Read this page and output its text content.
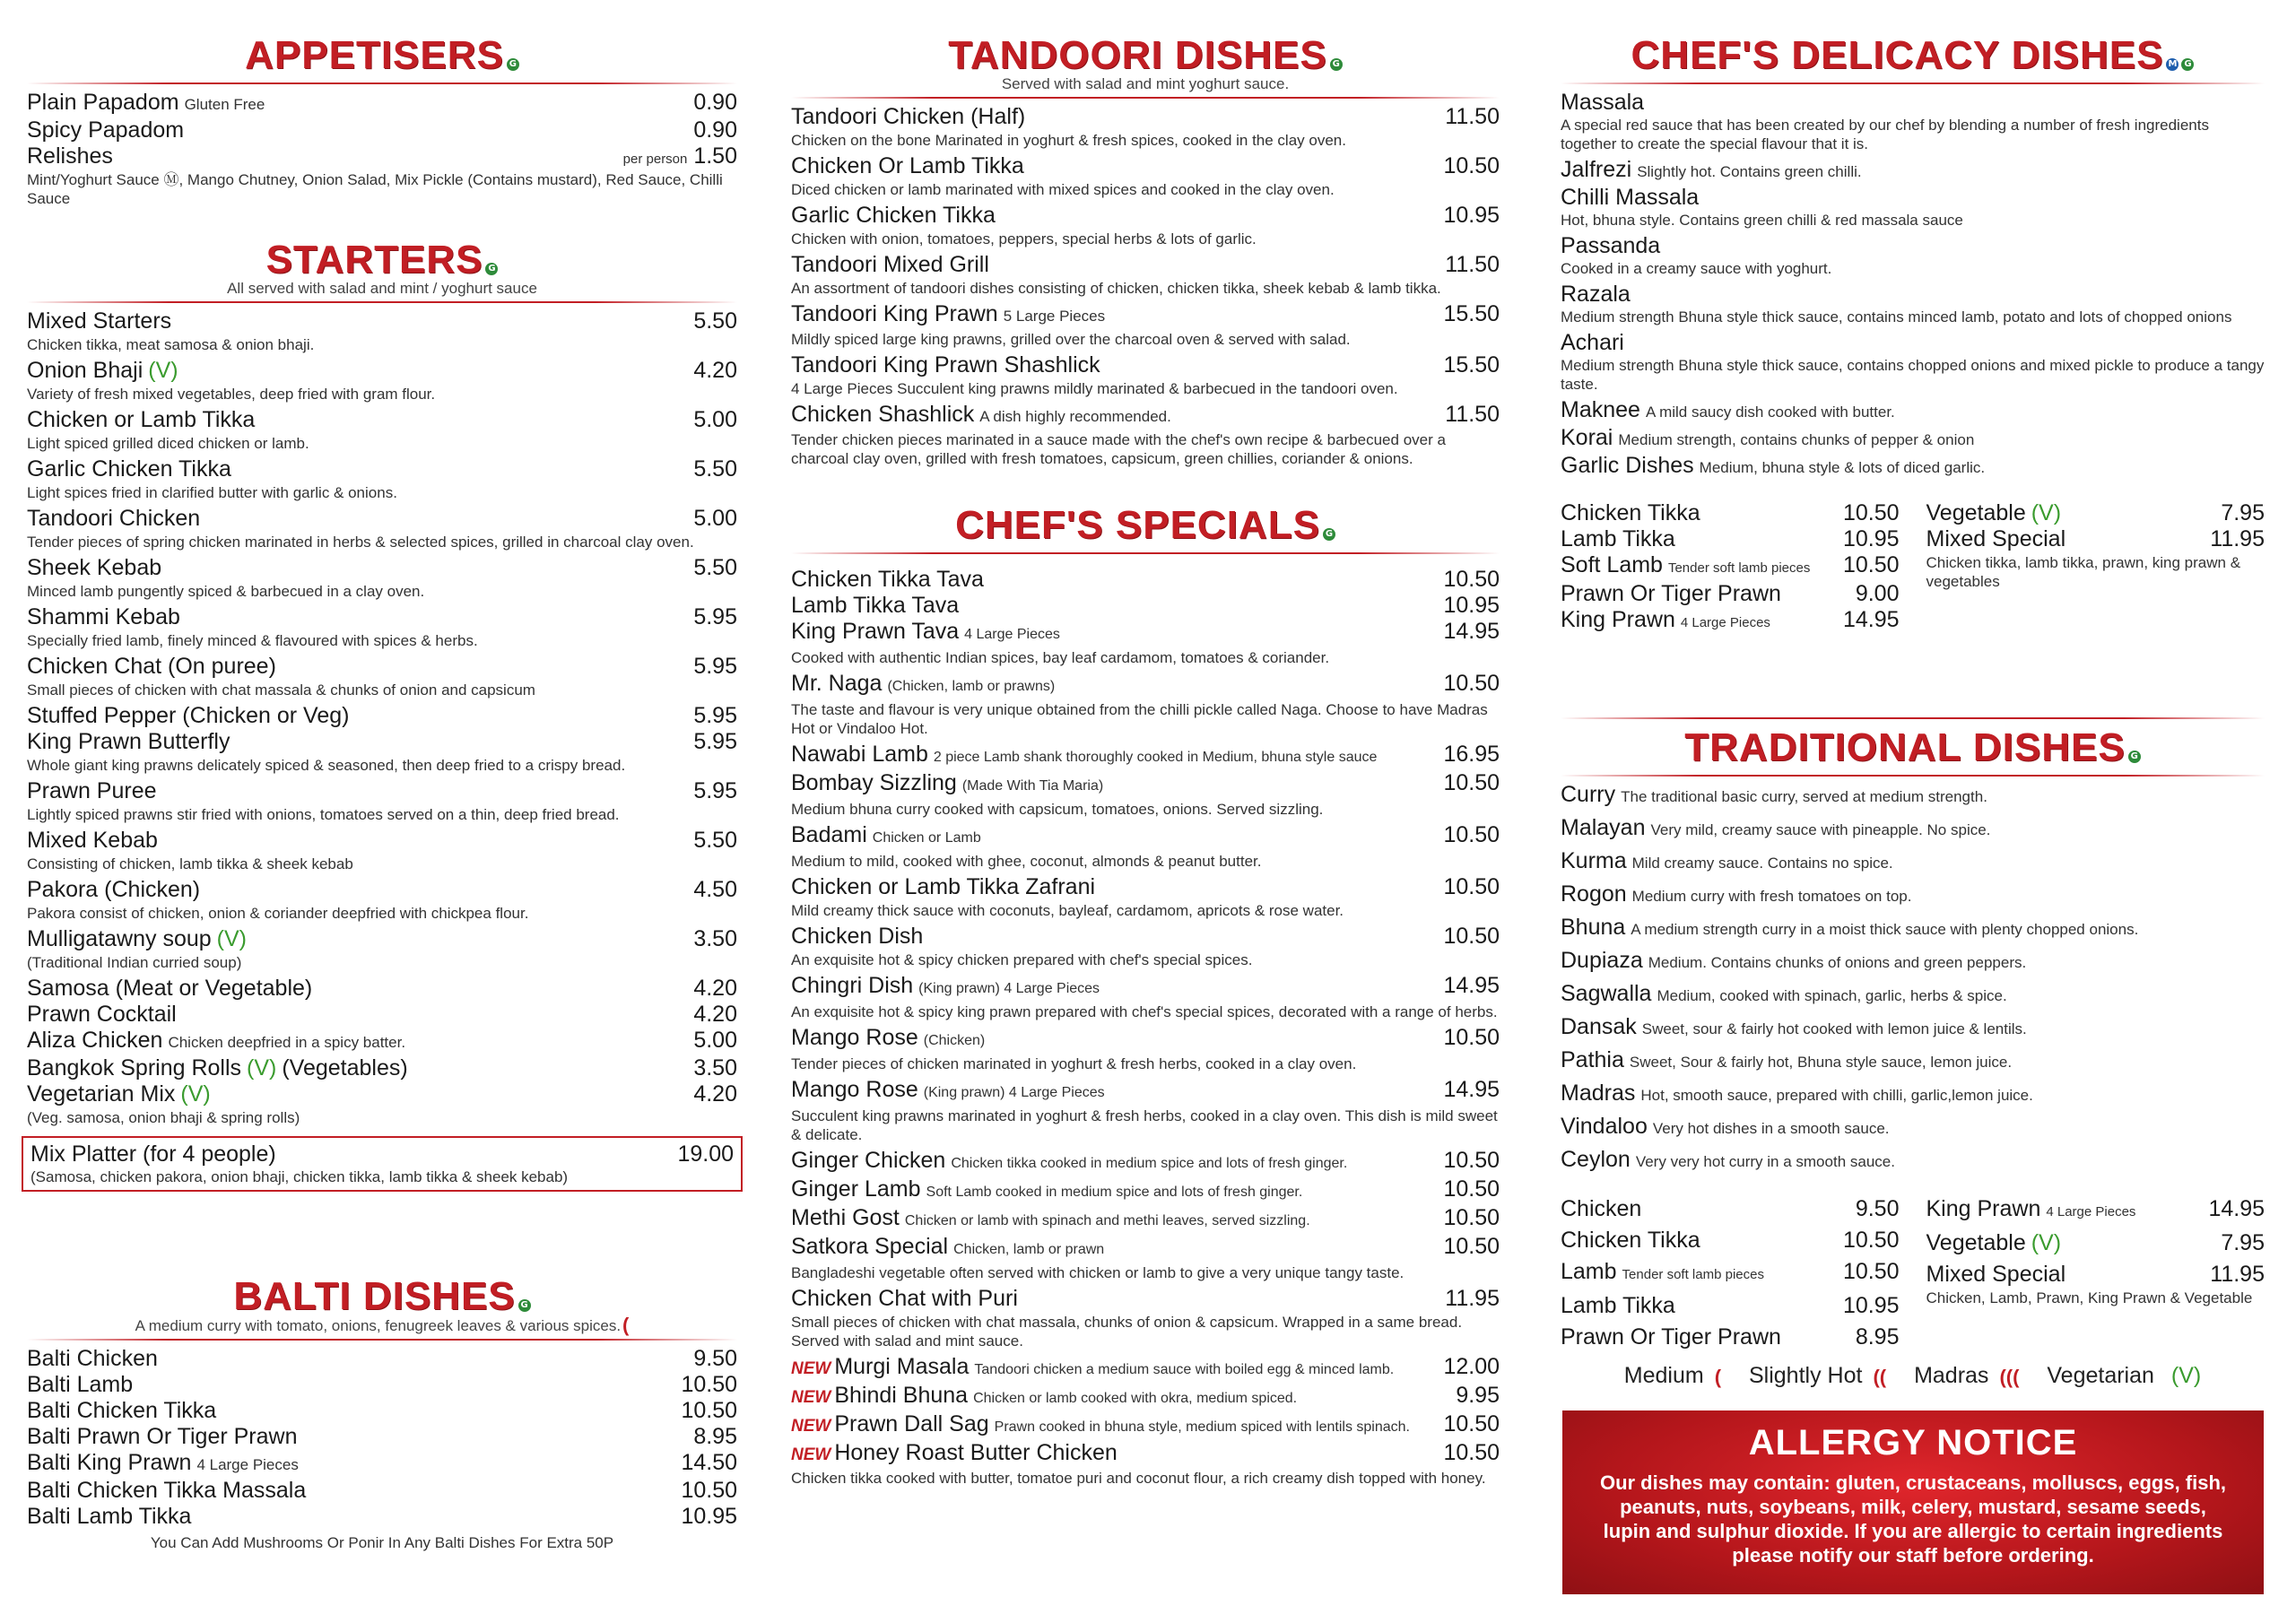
APPETISERS G
Plain Papadom Gluten Free	0.90
Spicy Papadom	0.90
Relishes	per person 1.50
Mint/Yoghurt Sauce Ⓜ, Mango Chutney, Onion Salad, Mix Pickle (Contains mustard), Red Sauce, Chilli Sauce
STARTERS G
All served with salad and mint / yoghurt sauce
Mixed Starters	5.50
Chicken tikka, meat samosa & onion bhaji.
Onion Bhaji (V)	4.20
Variety of fresh mixed vegetables, deep fried with gram flour.
Chicken or Lamb Tikka	5.00
Light spiced grilled diced chicken or lamb.
Garlic Chicken Tikka	5.50
Light spices fried in clarified butter with garlic & onions.
Tandoori Chicken	5.00
Tender pieces of spring chicken marinated in herbs & selected spices, grilled in charcoal clay oven.
Sheek Kebab	5.50
Minced lamb pungently spiced & barbecued in a clay oven.
Shammi Kebab	5.95
Specially fried lamb, finely minced & flavoured with spices & herbs.
Chicken Chat (On puree)	5.95
Small pieces of chicken with chat massala & chunks of onion and capsicum
Stuffed Pepper (Chicken or Veg)	5.95
King Prawn Butterfly	5.95
Whole giant king prawns delicately spiced & seasoned, then deep fried to a crispy bread.
Prawn Puree	5.95
Lightly spiced prawns stir fried with onions, tomatoes served on a thin, deep fried bread.
Mixed Kebab	5.50
Consisting of chicken, lamb tikka & sheek kebab
Pakora (Chicken)	4.50
Pakora consist of chicken, onion & coriander deepfried with chickpea flour.
Mulligatawny soup (V)	3.50
(Traditional Indian curried soup)
Samosa (Meat or Vegetable)	4.20
Prawn Cocktail	4.20
Aliza Chicken Chicken deepfried in a spicy batter.	5.00
Bangkok Spring Rolls (V) (Vegetables)	3.50
Vegetarian Mix (V)	4.20
(Veg. samosa, onion bhaji & spring rolls)
Mix Platter (for 4 people)	19.00
(Samosa, chicken pakora, onion bhaji, chicken tikka, lamb tikka & sheek kebab)
BALTI DISHES G
A medium curry with tomato, onions, fenugreek leaves & various spices.(
Balti Chicken	9.50
Balti Lamb	10.50
Balti Chicken Tikka	10.50
Balti Prawn Or Tiger Prawn	8.95
Balti King Prawn 4 Large Pieces	14.50
Balti Chicken Tikka Massala	10.50
Balti Lamb Tikka	10.95
You Can Add Mushrooms Or Ponir In Any Balti Dishes For Extra 50P
TANDOORI DISHES G
Served with salad and mint yoghurt sauce.
Tandoori Chicken (Half)	11.50
Chicken on the bone Marinated in yoghurt & fresh spices, cooked in the clay oven.
Chicken Or Lamb Tikka	10.50
Diced chicken or lamb marinated with mixed spices and cooked in the clay oven.
Garlic Chicken Tikka	10.95
Chicken with onion, tomatoes, peppers, special herbs & lots of garlic.
Tandoori Mixed Grill	11.50
An assortment of tandoori dishes consisting of chicken, chicken tikka, sheek kebab & lamb tikka.
Tandoori King Prawn 5 Large Pieces	15.50
Mildly spiced large king prawns, grilled over the charcoal oven & served with salad.
Tandoori King Prawn Shashlick	15.50
4 Large Pieces Succulent king prawns mildly marinated & barbecued in the tandoori oven.
Chicken Shashlick A dish highly recommended.	11.50
Tender chicken pieces marinated in a sauce made with the chef's own recipe & barbecued over a charcoal clay oven, grilled with fresh tomatoes, capsicum, green chillies, coriander & onions.
CHEF'S SPECIALS G
Chicken Tikka Tava	10.50
Lamb Tikka Tava	10.95
King Prawn Tava 4 Large Pieces	14.95
Cooked with authentic Indian spices, bay leaf cardamom, tomatoes & coriander.
Mr. Naga (Chicken, lamb or prawns)	10.50
The taste and flavour is very unique obtained from the chilli pickle called Naga. Choose to have Madras Hot or Vindaloo Hot.
Nawabi Lamb 2 piece Lamb shank thoroughly cooked in Medium, bhuna style sauce	16.95
Bombay Sizzling (Made With Tia Maria)	10.50
Medium bhuna curry cooked with capsicum, tomatoes, onions. Served sizzling.
Badami Chicken or Lamb	10.50
Medium to mild, cooked with ghee, coconut, almonds & peanut butter.
Chicken or Lamb Tikka Zafrani	10.50
Mild creamy thick sauce with coconuts, bayleaf, cardamom, apricots & rose water.
Chicken Dish	10.50
An exquisite hot & spicy chicken prepared with chef's special spices.
Chingri Dish (King prawn) 4 Large Pieces	14.95
An exquisite hot & spicy king prawn prepared with chef's special spices, decorated with a range of herbs.
Mango Rose (Chicken)	10.50
Tender pieces of chicken marinated in yoghurt & fresh herbs, cooked in a clay oven.
Mango Rose (King prawn) 4 Large Pieces	14.95
Succulent king prawns marinated in yoghurt & fresh herbs, cooked in a clay oven. This dish is mild sweet & delicate.
Ginger Chicken Chicken tikka cooked in medium spice and lots of fresh ginger.	10.50
Ginger Lamb Soft Lamb cooked in medium spice and lots of fresh ginger.	10.50
Methi Gost Chicken or lamb with spinach and methi leaves, served sizzling.	10.50
Satkora Special Chicken, lamb or prawn	10.50
Bangladeshi vegetable often served with chicken or lamb to give a very unique tangy taste.
Chicken Chat with Puri	11.95
Small pieces of chicken with chat massala, chunks of onion & capsicum. Wrapped in a same bread. Served with salad and mint sauce.
NEW Murgi Masala Tandoori chicken a medium sauce with boiled egg & minced lamb. 12.00
NEW Bhindi Bhuna Chicken or lamb cooked with okra, medium spiced.	9.95
NEW Prawn Dall Sag Prawn cooked in bhuna style, medium spiced with lentils spinach. 10.50
NEW Honey Roast Butter Chicken	10.50
Chicken tikka cooked with butter, tomatoe puri and coconut flour, a rich creamy dish topped with honey.
CHEF'S DELICACY DISHES M G
Massala
A special red sauce that has been created by our chef by blending a number of fresh ingredients together to create the special flavour that it is.
Jalfrezi Slightly hot. Contains green chilli.
Chilli Massala
Hot, bhuna style. Contains green chilli & red massala sauce
Passanda
Cooked in a creamy sauce with yoghurt.
Razala
Medium strength Bhuna style thick sauce, contains minced lamb, potato and lots of chopped onions
Achari
Medium strength Bhuna style thick sauce, contains chopped onions and mixed pickle to produce a tangy taste.
Maknee A mild saucy dish cooked with butter.
Korai Medium strength, contains chunks of pepper & onion
Garlic Dishes Medium, bhuna style & lots of diced garlic.
Chicken Tikka	10.50
Lamb Tikka	10.95
Soft Lamb Tender soft lamb pieces 10.50
Prawn Or Tiger Prawn	9.00
King Prawn 4 Large Pieces	14.95
Vegetable (V)	7.95
Mixed Special	11.95
Chicken tikka, lamb tikka, prawn, king prawn & vegetables
TRADITIONAL DISHES G
Curry The traditional basic curry, served at medium strength.
Malayan Very mild, creamy sauce with pineapple. No spice.
Kurma Mild creamy sauce. Contains no spice.
Rogon Medium curry with fresh tomatoes on top.
Bhuna A medium strength curry in a moist thick sauce with plenty chopped onions.
Dupiaza Medium. Contains chunks of onions and green peppers.
Sagwalla Medium, cooked with spinach, garlic, herbs & spice.
Dansak Sweet, sour & fairly hot cooked with lemon juice & lentils.
Pathia Sweet, Sour & fairly hot, Bhuna style sauce, lemon juice.
Madras Hot, smooth sauce, prepared with chilli, garlic,lemon juice.
Vindaloo Very hot dishes in a smooth sauce.
Ceylon Very very hot curry in a smooth sauce.
Chicken	9.50
Chicken Tikka	10.50
Lamb Tender soft lamb pieces	10.50
Lamb Tikka	10.95
Prawn Or Tiger Prawn	8.95
King Prawn 4 Large Pieces	14.95
Vegetable (V)	7.95
Mixed Special	11.95
Chicken, Lamb, Prawn, King Prawn & Vegetable
Medium ( Slightly Hot (( Madras ((( Vegetarian (V)
ALLERGY NOTICE
Our dishes may contain: gluten, crustaceans, molluscs, eggs, fish, peanuts, nuts, soybeans, milk, celery, mustard, sesame seeds, lupin and sulphur dioxide. If you are allergic to certain ingredients please notify our staff before ordering.
